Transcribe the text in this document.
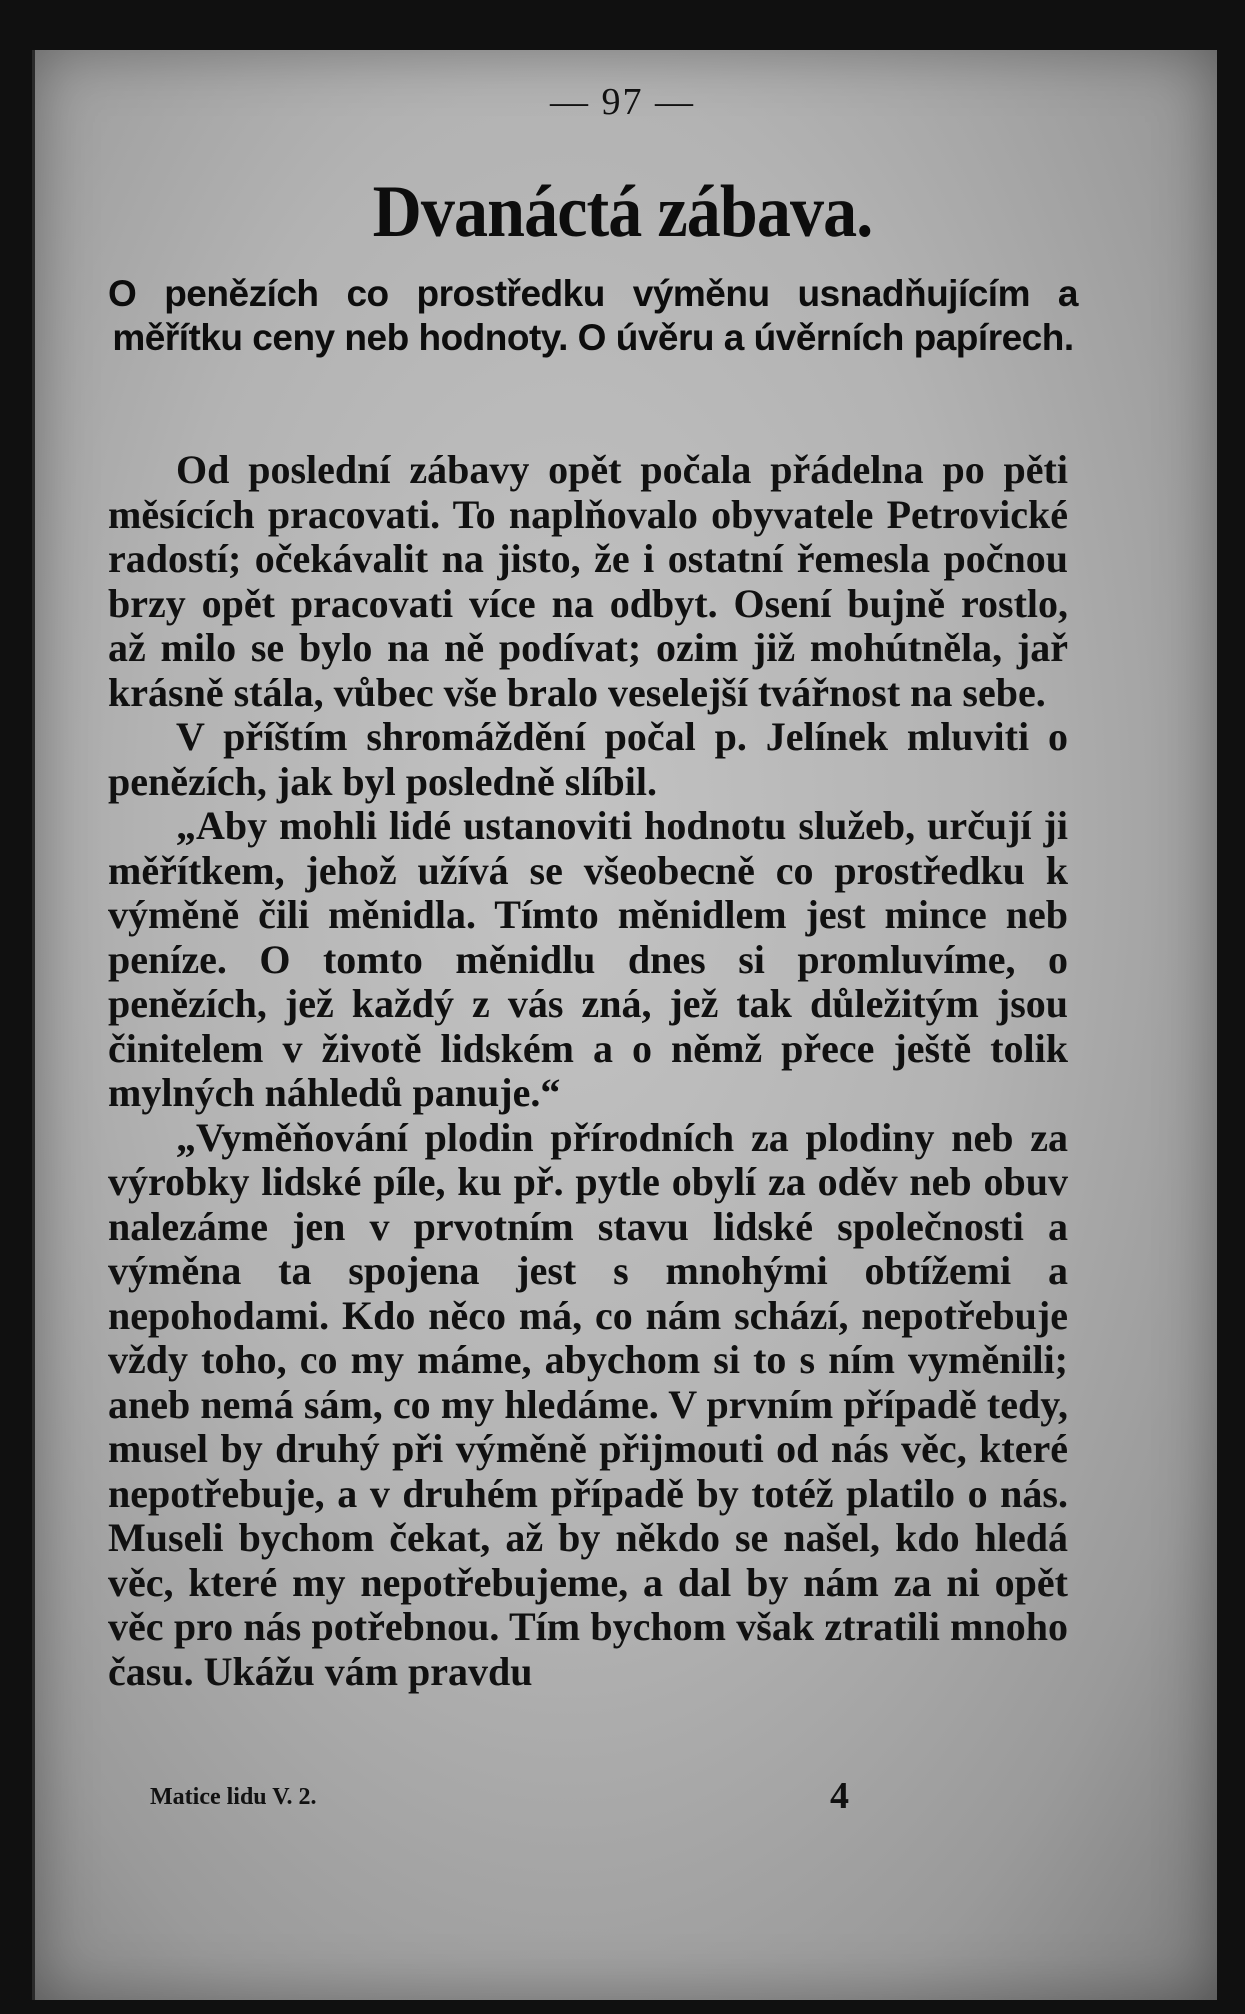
— 97 —
Dvanáctá zábava.
O penězích co prostředku výměnu usnadňujícím a měřítku ceny neb hodnoty. O úvěru a úvěrních papírech.

Od poslední zábavy opět počala přádelna po pěti měsících pracovati. To naplňovalo obyvatele Petrovické radostí; očekávalit na jisto, že i ostatní řemesla počnou brzy opět pracovati více na odbyt. Osení bujně rostlo, až milo se bylo na ně podívat; ozim již mohútněla, jař krásně stála, vůbec vše bralo veselejší tvářnost na sebe.

V příštím shromáždění počal p. Jelínek mluviti o penězích, jak byl posledně slíbil.

„Aby mohli lidé ustanoviti hodnotu služeb, určují ji měřítkem, jehož užívá se všeobecně co prostředku k výměně čili měnidla. Tímto měnidlem jest mince neb peníze. O tomto měnidlu dnes si promluvíme, o penězích, jež každý z vás zná, jež tak důležitým jsou činitelem v životě lidském a o němž přece ještě tolik mylných náhledů panuje.“

„Vyměňování plodin přírodních za plodiny neb za výrobky lidské píle, ku př. pytle obylí za oděv neb obuv nalezáme jen v prvotním stavu lidské společnosti a výměna ta spojena jest s mnohými obtížemi a nepohodami. Kdo něco má, co nám schází, nepotřebuje vždy toho, co my máme, abychom si to s ním vyměnili; aneb nemá sám, co my hledáme. V prvním případě tedy, musel by druhý při výměně přijmouti od nás věc, které nepotřebuje, a v druhém případě by totéž platilo o nás. Museli bychom čekat, až by někdo se našel, kdo hledá věc, které my nepotřebujeme, a dal by nám za ni opět věc pro nás potřebnou. Tím bychom však ztratili mnoho času. Ukážu vám pravdu

Matice lidu V. 2.	4
